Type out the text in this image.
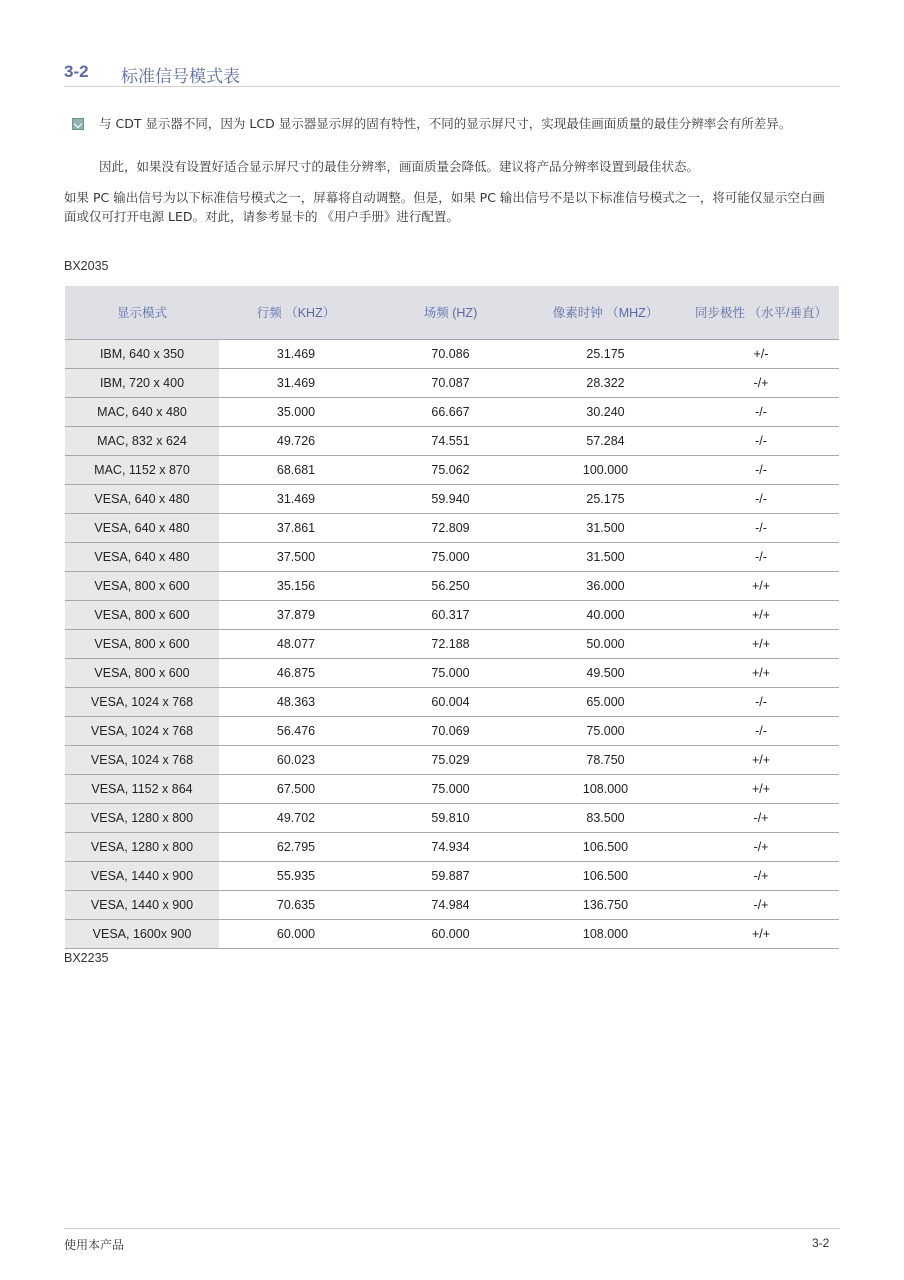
3-2 标准信号模式表
与 CDT 显示器不同，因为 LCD 显示器显示屏的固有特性，不同的显示屏尺寸，实现最佳画面质量的最佳分辨率会有所差异。
因此，如果没有设置好适合显示屏尺寸的最佳分辨率，画面质量会降低。建议将产品分辨率设置到最佳状态。
如果 PC 输出信号为以下标准信号模式之一，屏幕将自动调整。但是，如果 PC 输出信号不是以下标准信号模式之一，将可能仅显示空白画面或仅可打开电源 LED。对此，请参考显卡的 《用户手册》进行配置。
BX2035
显示模式	行频 （KHZ）	场频 (HZ)	像素时钟 （MHZ）	同步极性 （水平/垂直）
IBM, 640 x 350	31.469	70.086	25.175	+/-
IBM, 720 x 400	31.469	70.087	28.322	-/+
MAC, 640 x 480	35.000	66.667	30.240	-/-
MAC, 832 x 624	49.726	74.551	57.284	-/-
MAC, 1152 x 870	68.681	75.062	100.000	-/-
VESA, 640 x 480	31.469	59.940	25.175	-/-
VESA, 640 x 480	37.861	72.809	31.500	-/-
VESA, 640 x 480	37.500	75.000	31.500	-/-
VESA, 800 x 600	35.156	56.250	36.000	+/+
VESA, 800 x 600	37.879	60.317	40.000	+/+
VESA, 800 x 600	48.077	72.188	50.000	+/+
VESA, 800 x 600	46.875	75.000	49.500	+/+
VESA, 1024 x 768	48.363	60.004	65.000	-/-
VESA, 1024 x 768	56.476	70.069	75.000	-/-
VESA, 1024 x 768	60.023	75.029	78.750	+/+
VESA, 1152 x 864	67.500	75.000	108.000	+/+
VESA, 1280 x 800	49.702	59.810	83.500	-/+
VESA, 1280 x 800	62.795	74.934	106.500	-/+
VESA, 1440 x 900	55.935	59.887	106.500	-/+
VESA, 1440 x 900	70.635	74.984	136.750	-/+
VESA, 1600x 900	60.000	60.000	108.000	+/+
BX2235
使用本产品	3-2
